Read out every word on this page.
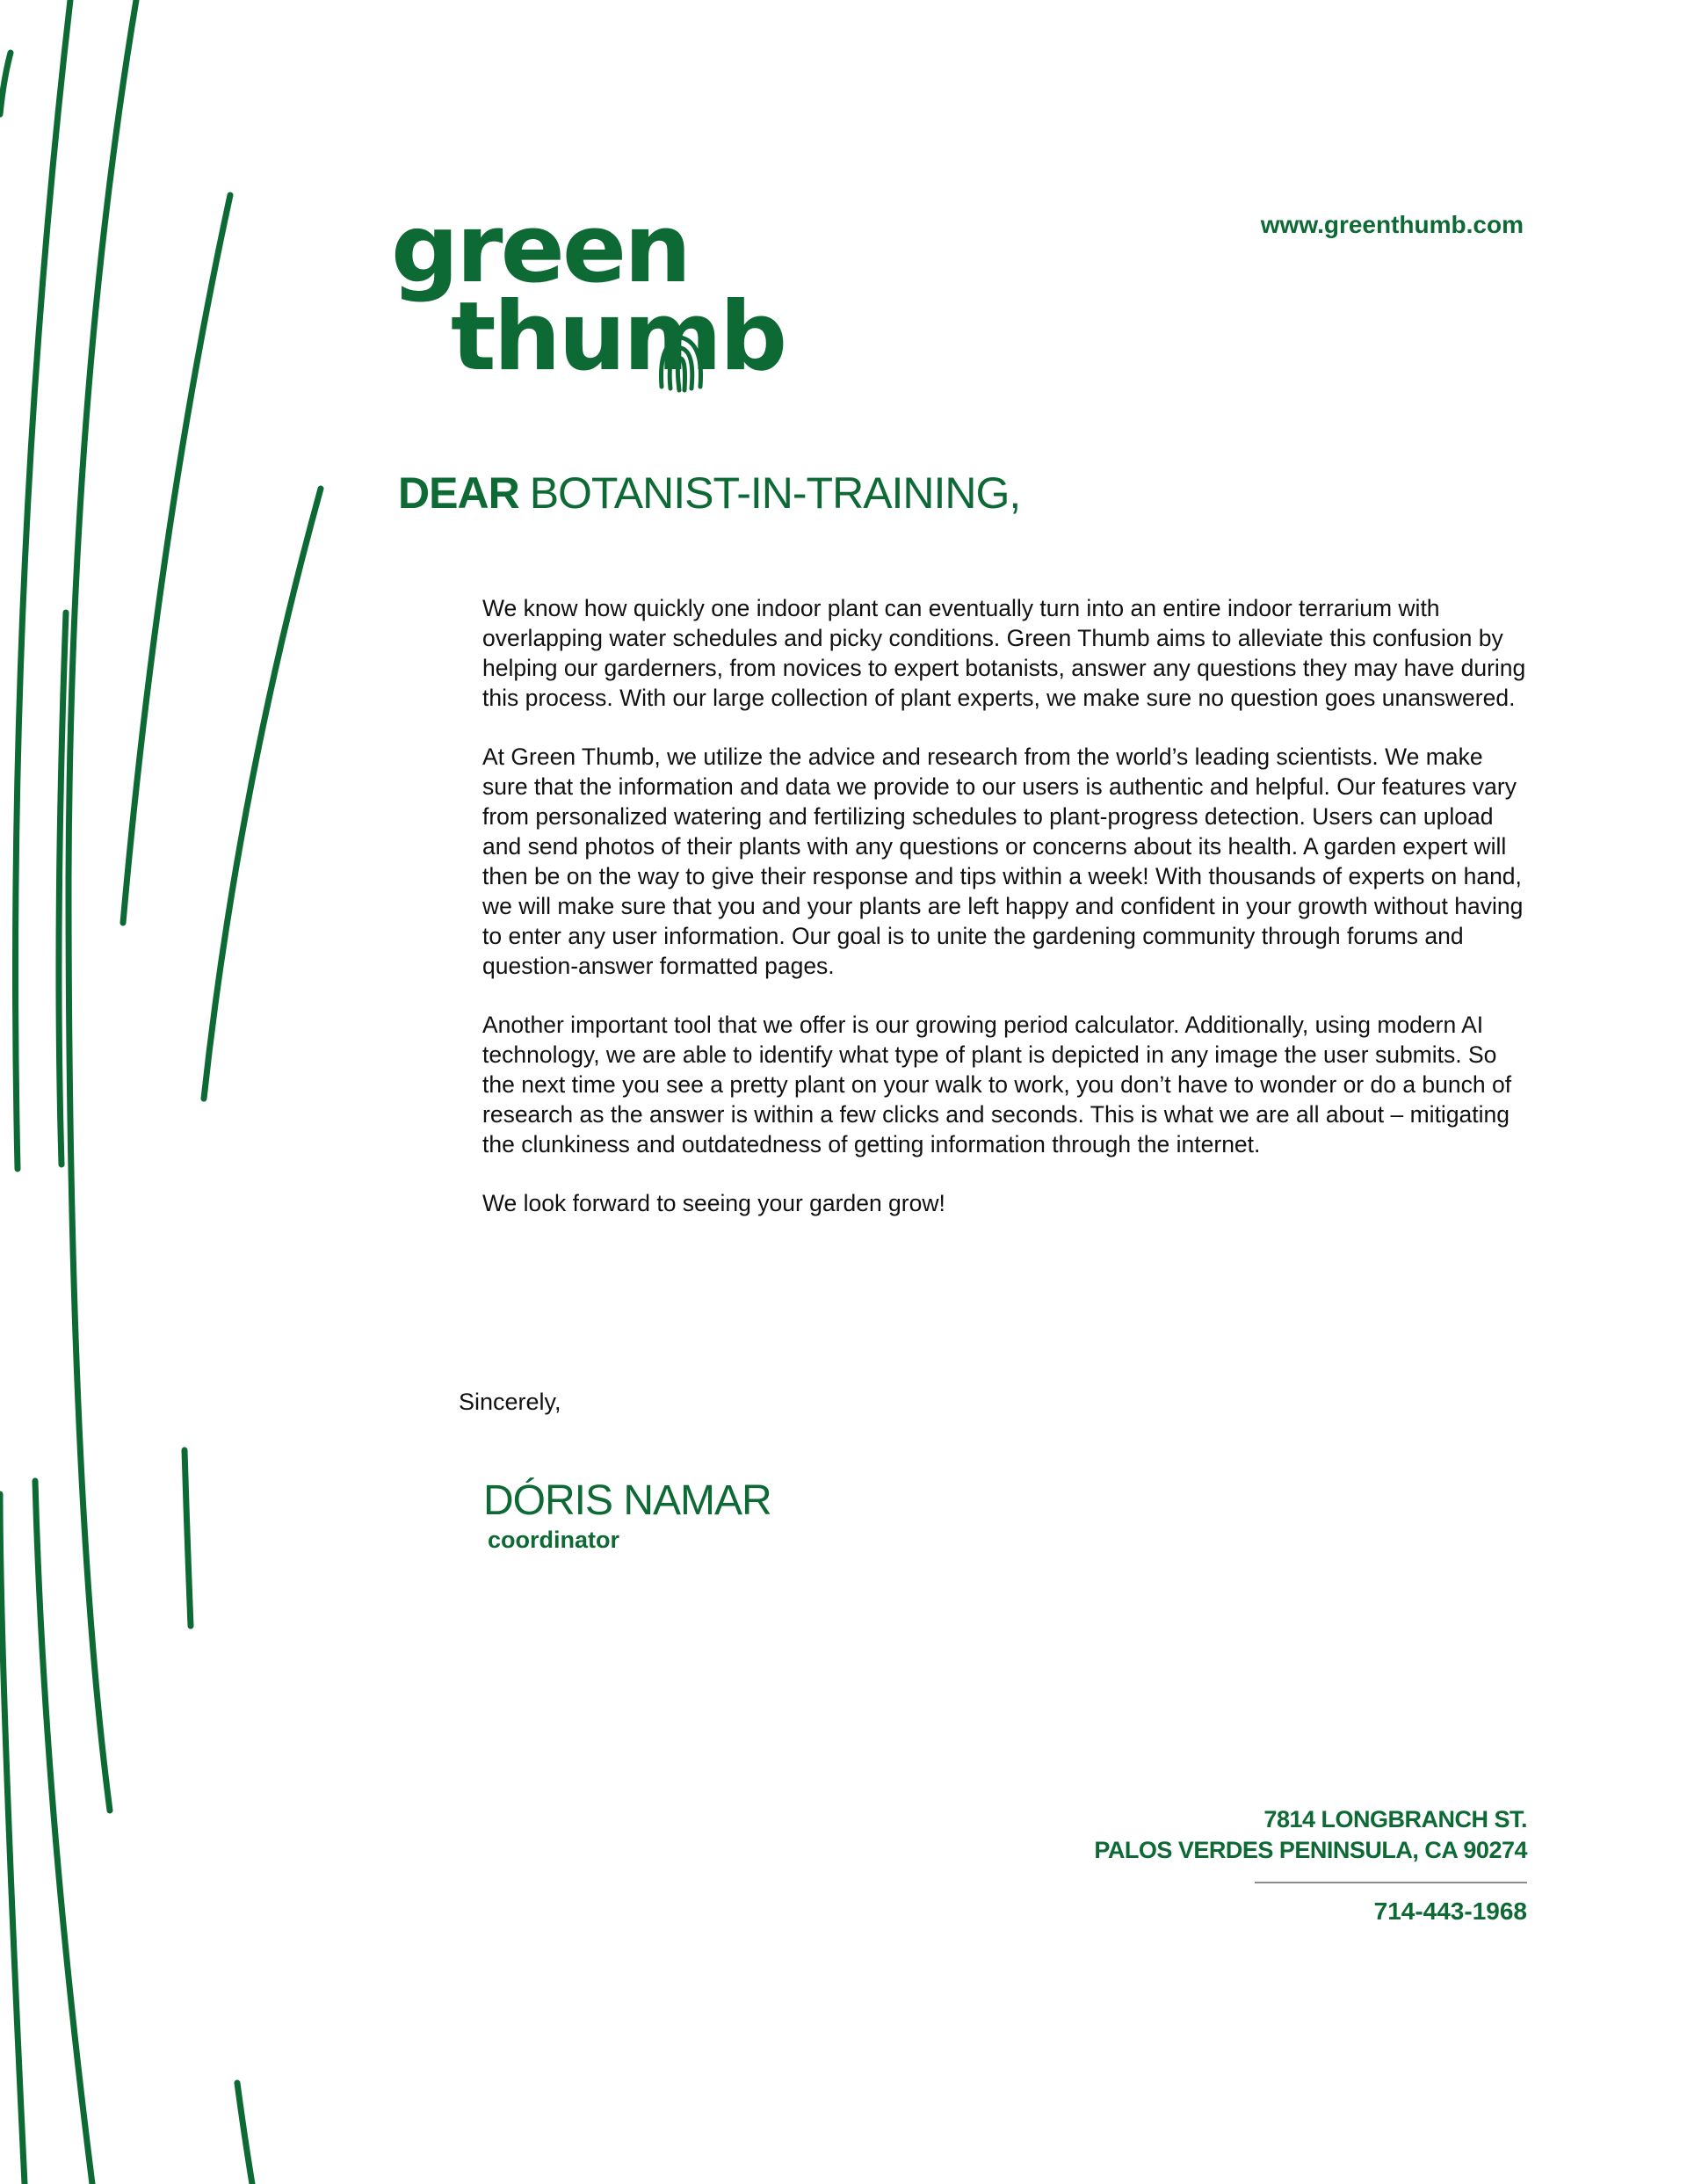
green
thumb
www.greenthumb.com
DEAR BOTANIST-IN-TRAINING,

We know how quickly one indoor plant can eventually turn into an entire indoor terrarium with overlapping water schedules and picky conditions. Green Thumb aims to alleviate this confusion by helping our garderners, from novices to expert botanists, answer any questions they may have during this process. With our large collection of plant experts, we make sure no question goes unanswered.

At Green Thumb, we utilize the advice and research from the world’s leading scientists. We make sure that the information and data we provide to our users is authentic and helpful. Our features vary from personalized watering and fertilizing schedules to plant-progress detection. Users can upload and send photos of their plants with any questions or concerns about its health. A garden expert will then be on the way to give their response and tips within a week! With thousands of experts on hand, we will make sure that you and your plants are left happy and confident in your growth without having to enter any user information. Our goal is to unite the gardening community through forums and question-answer formatted pages.

Another important tool that we offer is our growing period calculator. Additionally, using modern AI technology, we are able to identify what type of plant is depicted in any image the user submits. So the next time you see a pretty plant on your walk to work, you don’t have to wonder or do a bunch of research as the answer is within a few clicks and seconds. This is what we are all about – mitigating the clunkiness and outdatedness of getting information through the internet.

We look forward to seeing your garden grow!

Sincerely,
DÓRIS NAMAR
coordinator
7814 LONGBRANCH ST.
PALOS VERDES PENINSULA, CA 90274
714-443-1968
